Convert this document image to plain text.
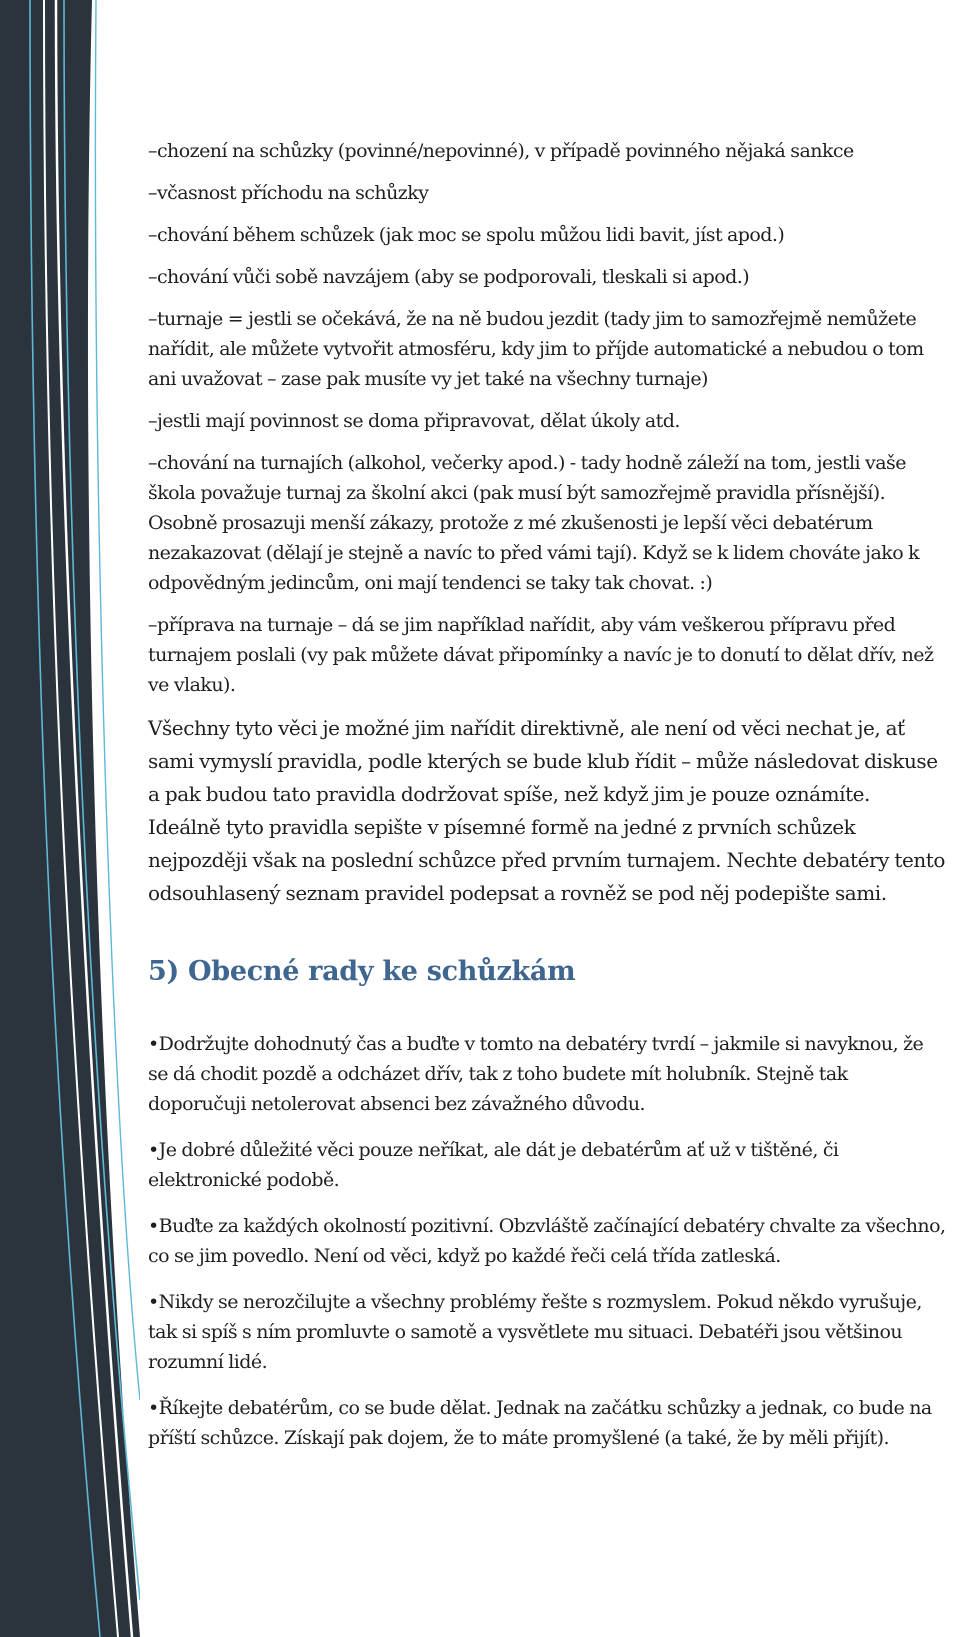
–chození na schůzky (povinné/nepovinné), v případě povinného nějaká sankce

–včasnost příchodu na schůzky

–chování během schůzek (jak moc se spolu můžou lidi bavit, jíst apod.)

–chování vůči sobě navzájem (aby se podporovali, tleskali si apod.)

–turnaje = jestli se očekává, že na ně budou jezdit (tady jim to samozřejmě nemůžete nařídit, ale můžete vytvořit atmosféru, kdy jim to příjde automatické a nebudou o tom ani uvažovat – zase pak musíte vy jet také na všechny turnaje)

–jestli mají povinnost se doma připravovat, dělat úkoly atd.

–chování na turnajích (alkohol, večerky apod.) - tady hodně záleží na tom, jestli vaše škola považuje turnaj za školní akci (pak musí být samozřejmě pravidla přísnější). Osobně prosazuji menší zákazy, protože z mé zkušenosti je lepší věci debatérum nezakazovat (dělají je stejně a navíc to před vámi tají). Když se k lidem chováte jako k odpovědným jedincům, oni mají tendenci se taky tak chovat. :)

–příprava na turnaje – dá se jim například nařídit, aby vám veškerou přípravu před turnajem poslali (vy pak můžete dávat připomínky a navíc je to donutí to dělat dřív, než ve vlaku).

Všechny tyto věci je možné jim nařídit direktivně, ale není od věci nechat je, ať sami vymyslí pravidla, podle kterých se bude klub řídit – může následovat diskuse a pak budou tato pravidla dodržovat spíše, než když jim je pouze oznámíte. Ideálně tyto pravidla sepište v písemné formě na jedné z prvních schůzek nejpozději však na poslední schůzce před prvním turnajem. Nechte debatéry tento odsouhlasený seznam pravidel podepsat a rovněž se pod něj podepište sami.

5) Obecné rady ke schůzkám
•Dodržujte dohodnutý čas a buďte v tomto na debatéry tvrdí – jakmile si navyknou, že se dá chodit pozdě a odcházet dřív, tak z toho budete mít holubník. Stejně tak doporučuji netolerovat absenci bez závažného důvodu.
•Je dobré důležité věci pouze neříkat, ale dát je debatérům ať už v tištěné, či elektronické podobě.
•Buďte za každých okolností pozitivní. Obzvláště začínající debatéry chvalte za všechno, co se jim povedlo. Není od věci, když po každé řeči celá třída zatleská.
•Nikdy se nerozčilujte a všechny problémy řešte s rozmyslem. Pokud někdo vyrušuje, tak si spíš s ním promluvte o samotě a vysvětlete mu situaci. Debatéři jsou většinou rozumní lidé.
•Říkejte debatérům, co se bude dělat. Jednak na začátku schůzky a jednak, co bude na příští schůzce. Získají pak dojem, že to máte promyšlené (a také, že by měli přijít).
